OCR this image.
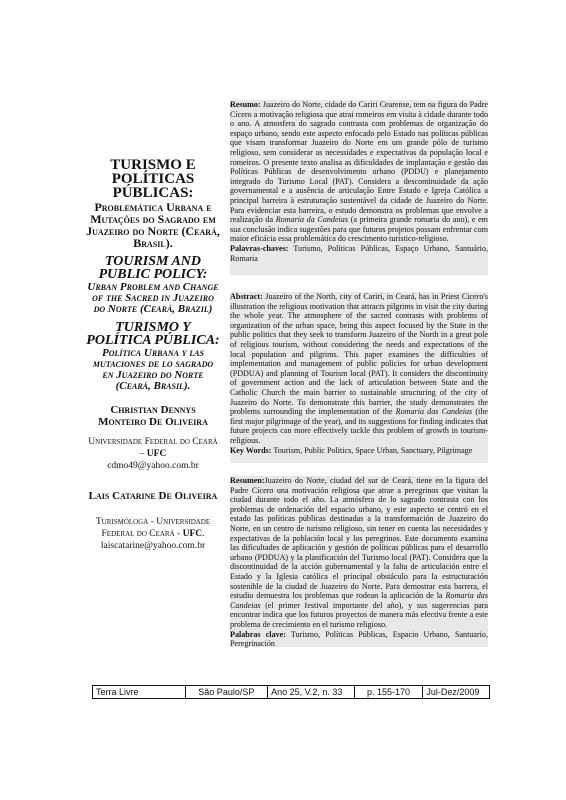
TURISMO E POLÍTICAS PÚBLICAS:

Problemática Urbana e Mutações do Sagrado em Juazeiro do Norte (Ceará, Brasil).

TOURISM AND PUBLIC POLICY:

Urban Problem and Change of the Sacred in Juazeiro do Norte (Ceará, Brazil)

TURISMO Y POLÍTICA PÚBLICA:

Política Urbana y las mutaciones de lo sagrado en Juazeiro do Norte (Ceará, Brasil).

Christian Dennys Monteiro De Oliveira
Universidade Federal do Ceará – UFC
cdmo49@yahoo.com.br
Lais Catarine De Oliveira
Turismóloga - Universidade Federal do Ceará - UFC.
laiscatarine@yahoo.com.br

Resumo: Juazeiro do Norte, cidade do Cariri Cearense, tem na figura do Padre Cícero a motivação religiosa que atrai romeiros em visita à cidade durante todo o ano. A atmosfera do sagrado contrasta com problemas de organização do espaço urbano, sendo este aspecto enfocado pelo Estado nas políticas públicas que visam transformar Juazeiro do Norte em um grande pólo de turismo religioso, sem considerar as necessidades e expectativas da população local e romeiros. O presente texto analisa as dificuldades de implantação e gestão das Políticas Públicas de desenvolvimento urbano (PDDU) e planejamento integrado do Turismo Local (PAT). Considera a descontinuidade da ação governamental e a ausência de articulação Entre Estado e Igreja Católica a principal barreira à estruturação sustentável da cidade de Juazeiro do Norte. Para evidenciar esta barreira, o estudo demonstra os problemas que envolve a realização da Romaria da Candeias (a primeira grande romaria do ano), e em sua conclusão indica sugestões para que futuros projetos possam enfrentar com maior eficácia essa problemática do crescimento turístico-religioso.

Palavras-chaves: Turismo, Políticas Públicas, Espaço Urbano, Santuário, Romaria

Abstract: Juazeiro of the North, city of Cariri, in Ceará, has in Priest Cicero's illustration the religious motivation that attracts pilgrims in visit the city during the whole year. The atmosphere of the sacred contrasts with problems of organization of the urban space, being this aspect focused by the State in the public politics that they seek to transform Juazeiro of the North in a great pole of religious tourism, without considering the needs and expectations of the local population and pilgrims. This paper examines the difficulties of implementation and management of public policies for urban development (PDDUA) and planning of Tourism local (PAT). It considers the discontinuity of government action and the lack of articulation between State and the Catholic Church the main barrier to sustainable structuring of the city of Juazeiro do Norte. To demonstrate this barrier, the study demonstrates the problems surrounding the implementation of the Romaria das Candeias (the first major pilgrimage of the year), and its suggestions for finding indicates that future projects can more effectively tackle this problem of growth in tourism-religious.

Key Words: Tourism, Public Politics, Space Urban, Sanctuary, Pilgrimage

Resumen:Juazeiro do Norte, ciudad del sur de Ceará, tiene en la figura del Padre Cícero una motivación religiosa que atrae a peregrinos que visitan la ciudad durante todo el año. La atmósfera de lo sagrado contrasta con los problemas de ordenación del espacio urbano, y este aspecto se centró en el estado las políticas públicas destinadas a la transformación de Juazeiro do Norte, en un centro de turismo religioso, sin tener en cuenta las necesidades y expectativas de la población local y los peregrinos. Este documento examina las dificultades de aplicación y gestión de políticas públicas para el desarrollo urbano (PDDUA) y la planificación del Turismo local (PAT). Considera que la discontinuidad de la acción gubernamental y la falta de articulación entre el Estado y la Iglesia católica el principal obstáculo para la estructuración sostenible de la ciudad de Juazeiro do Norte. Para demostrar esta barrera, el estudio demuestra los problemas que rodean la aplicación de la Romaria das Candeias (el primer festival importante del año), y sus sugerencias para encontrar indica que los futuros proyectos de manera más efectiva frente a este problema de crecimiento en el turismo religioso.

Palabras clave: Turismo, Políticas Públicas, Espacio Urbano, Santuario, Peregrinación

Terra Livre	São Paulo/SP	Ano 25, V.2, n. 33	p. 155-170	Jul-Dez/2009
